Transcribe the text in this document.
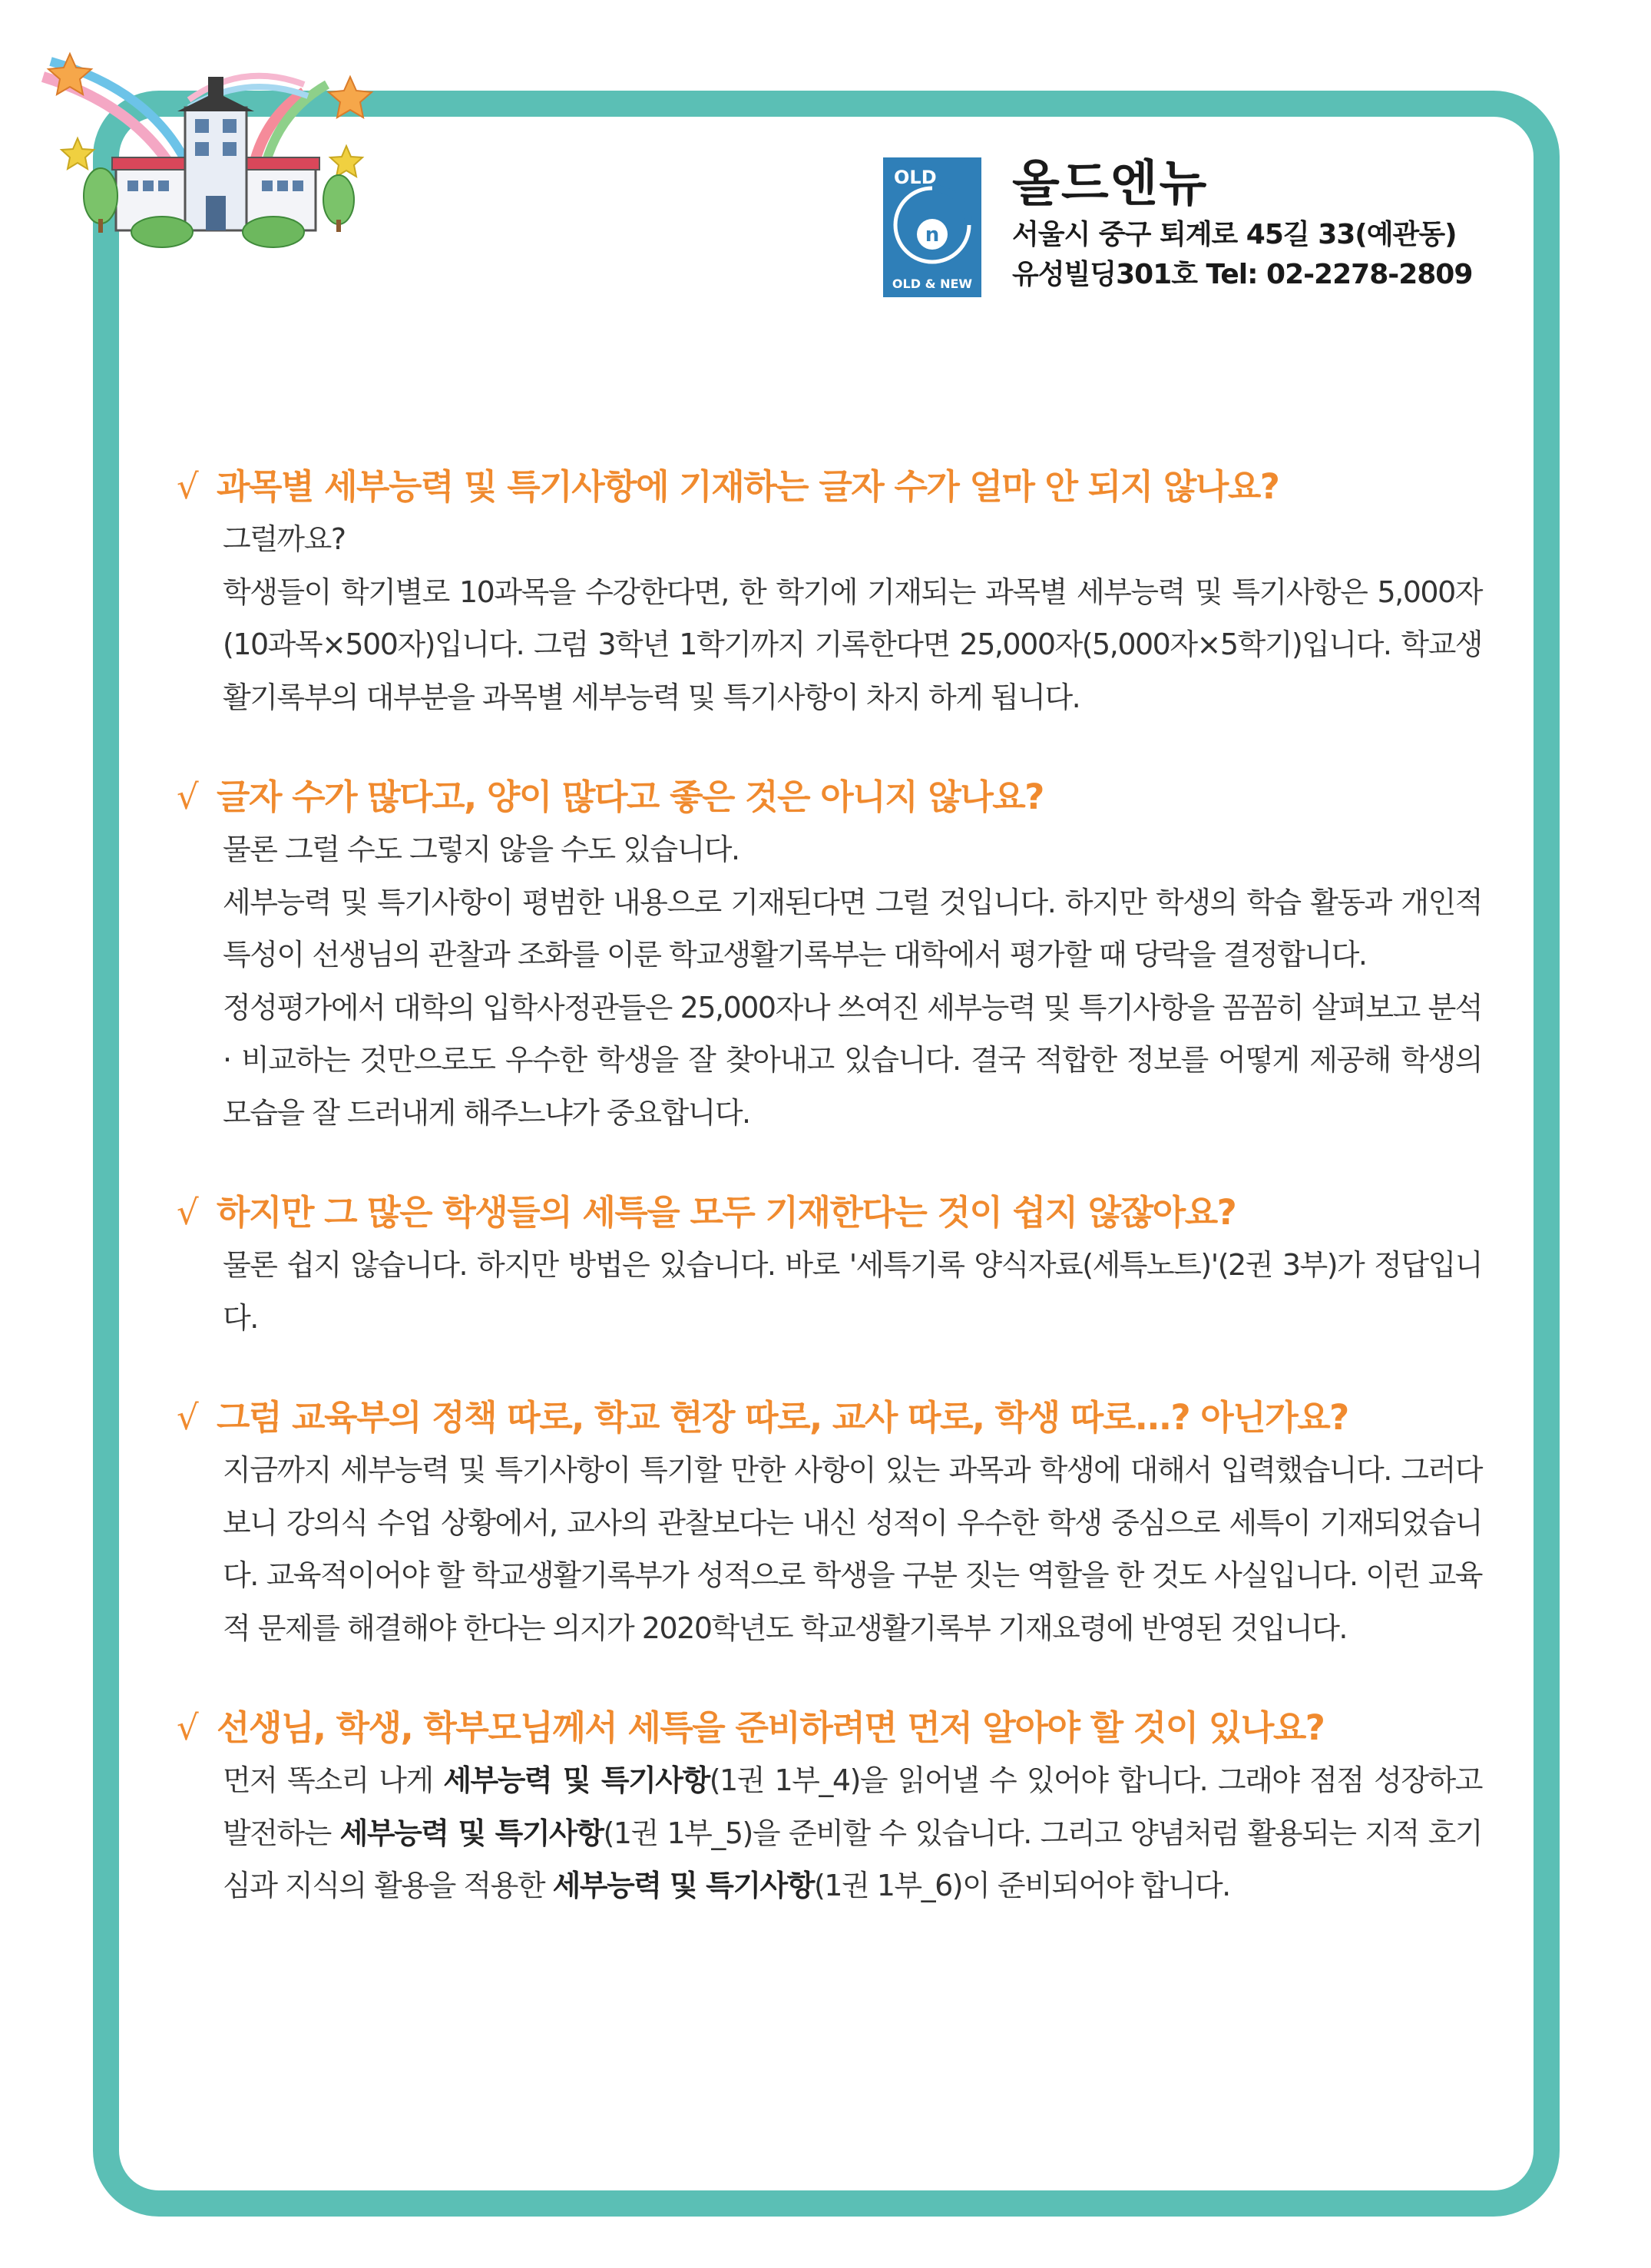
n
OLD
OLD & NEW
올드엔뉴
서울시 중구 퇴계로 45길 33(예관동)
유성빌딩301호 Tel: 02-2278-2809
√ 과목별 세부능력 및 특기사항에 기재하는 글자 수가 얼마 안 되지 않나요?

그럴까요?

학생들이 학기별로 10과목을 수강한다면, 한 학기에 기재되는 과목별 세부능력 및 특기사항은 5,000자(10과목×500자)입니다. 그럼 3학년 1학기까지 기록한다면 25,000자(5,000자×5학기)입니다. 학교생활기록부의 대부분을 과목별 세부능력 및 특기사항이 차지 하게 됩니다.

√ 글자 수가 많다고, 양이 많다고 좋은 것은 아니지 않나요?

물론 그럴 수도 그렇지 않을 수도 있습니다.

세부능력 및 특기사항이 평범한 내용으로 기재된다면 그럴 것입니다. 하지만 학생의 학습 활동과 개인적 특성이 선생님의 관찰과 조화를 이룬 학교생활기록부는 대학에서 평가할 때 당락을 결정합니다.

정성평가에서 대학의 입학사정관들은 25,000자나 쓰여진 세부능력 및 특기사항을 꼼꼼히 살펴보고 분석 · 비교하는 것만으로도 우수한 학생을 잘 찾아내고 있습니다. 결국 적합한 정보를 어떻게 제공해 학생의 모습을 잘 드러내게 해주느냐가 중요합니다.

√ 하지만 그 많은 학생들의 세특을 모두 기재한다는 것이 쉽지 않잖아요?

물론 쉽지 않습니다. 하지만 방법은 있습니다. 바로 '세특기록 양식자료(세특노트)'(2권 3부)가 정답입니다.

√ 그럼 교육부의 정책 따로, 학교 현장 따로, 교사 따로, 학생 따로...? 아닌가요?

지금까지 세부능력 및 특기사항이 특기할 만한 사항이 있는 과목과 학생에 대해서 입력했습니다. 그러다 보니 강의식 수업 상황에서, 교사의 관찰보다는 내신 성적이 우수한 학생 중심으로 세특이 기재되었습니다. 교육적이어야 할 학교생활기록부가 성적으로 학생을 구분 짓는 역할을 한 것도 사실입니다. 이런 교육적 문제를 해결해야 한다는 의지가 2020학년도 학교생활기록부 기재요령에 반영된 것입니다.

√ 선생님, 학생, 학부모님께서 세특을 준비하려면 먼저 알아야 할 것이 있나요?

먼저 똑소리 나게 세부능력 및 특기사항(1권 1부_4)을 읽어낼 수 있어야 합니다. 그래야 점점 성장하고 발전하는 세부능력 및 특기사항(1권 1부_5)을 준비할 수 있습니다. 그리고 양념처럼 활용되는 지적 호기심과 지식의 활용을 적용한 세부능력 및 특기사항(1권 1부_6)이 준비되어야 합니다.
